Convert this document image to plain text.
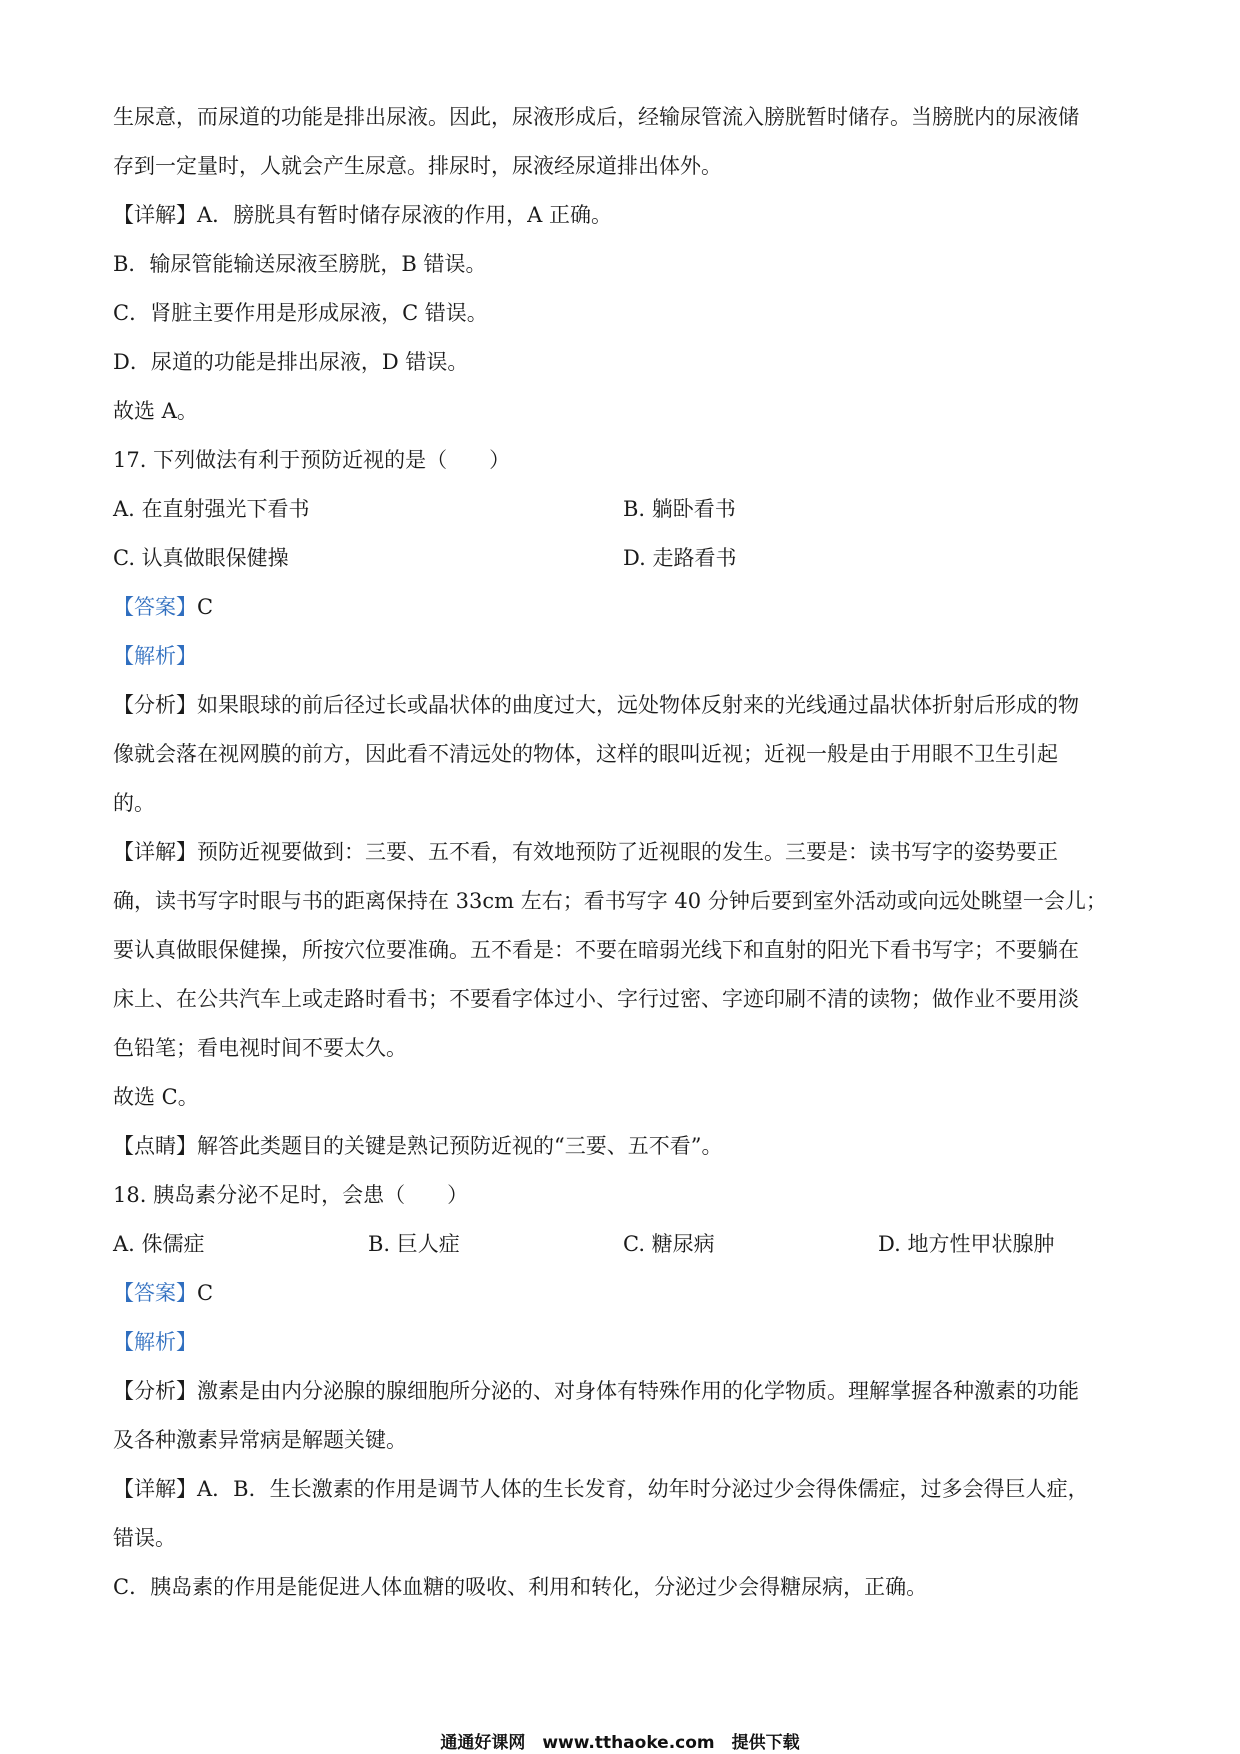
生尿意，而尿道的功能是排出尿液。因此，尿液形成后，经输尿管流入膀胱暂时储存。当膀胱内的尿液储
存到一定量时，人就会产生尿意。排尿时，尿液经尿道排出体外。
【详解】A．膀胱具有暂时储存尿液的作用，A 正确。
B．输尿管能输送尿液至膀胱，B 错误。
C．肾脏主要作用是形成尿液，C 错误。
D．尿道的功能是排出尿液，D 错误。
故选 A。
17. 下列做法有利于预防近视的是（　　）
A. 在直射强光下看书	B. 躺卧看书
C. 认真做眼保健操	D. 走路看书
【答案】C
【解析】
【分析】如果眼球的前后径过长或晶状体的曲度过大，远处物体反射来的光线通过晶状体折射后形成的物
像就会落在视网膜的前方，因此看不清远处的物体，这样的眼叫近视；近视一般是由于用眼不卫生引起
的。
【详解】预防近视要做到：三要、五不看，有效地预防了近视眼的发生。三要是：读书写字的姿势要正
确，读书写字时眼与书的距离保持在 33cm 左右；看书写字 40 分钟后要到室外活动或向远处眺望一会儿；
要认真做眼保健操，所按穴位要准确。五不看是：不要在暗弱光线下和直射的阳光下看书写字；不要躺在
床上、在公共汽车上或走路时看书；不要看字体过小、字行过密、字迹印刷不清的读物；做作业不要用淡
色铅笔；看电视时间不要太久。
故选 C。
【点睛】解答此类题目的关键是熟记预防近视的“三要、五不看”。
18. 胰岛素分泌不足时，会患（　　）
A. 侏儒症	B. 巨人症	C. 糖尿病	D. 地方性甲状腺肿
【答案】C
【解析】
【分析】激素是由内分泌腺的腺细胞所分泌的、对身体有特殊作用的化学物质。理解掌握各种激素的功能
及各种激素异常病是解题关键。
【详解】A．B．生长激素的作用是调节人体的生长发育，幼年时分泌过少会得侏儒症，过多会得巨人症，
错误。
C．胰岛素的作用是能促进人体血糖的吸收、利用和转化，分泌过少会得糖尿病，正确。
通通好课网　www.tthaoke.com　提供下载
